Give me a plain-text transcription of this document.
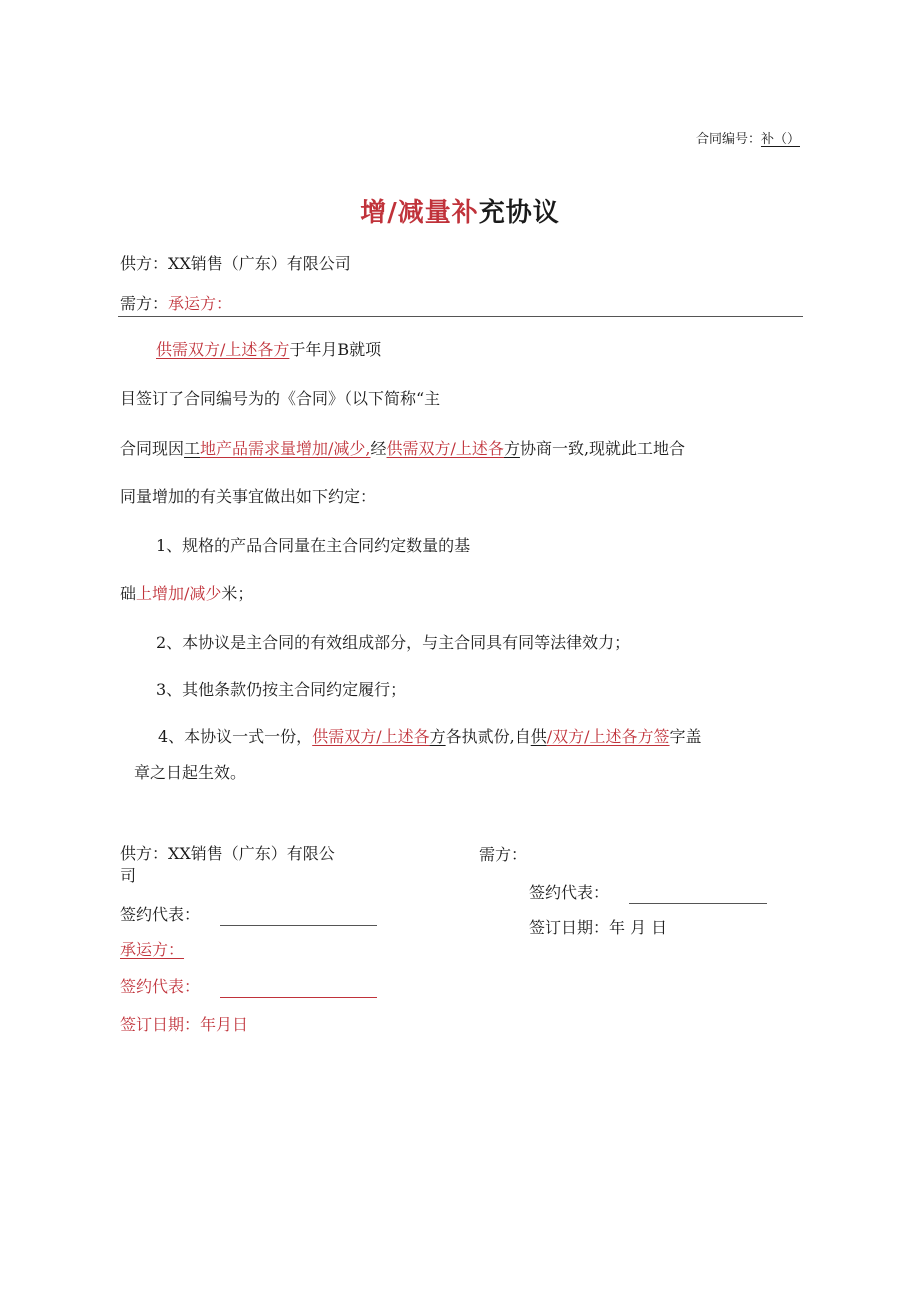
合同编号：补（）
增/减量补充协议
供方：XX销售（广东）有限公司
需方：承运方：
供需双方/上述各方于年月B就项
目签订了合同编号为的《合同》（以下简称“主
合同现因工地产品需求量增加/减少,经供需双方/上述各方协商一致,现就此工地合
同量增加的有关事宜做出如下约定：
1、规格的产品合同量在主合同约定数量的基
础上增加/减少米；
2、本协议是主合同的有效组成部分，与主合同具有同等法律效力；
3、其他条款仍按主合同约定履行；
4、本协议一式一份，供需双方/上述各方各执贰份,自供/双方/上述各方签字盖
章之日起生效。
供方：XX销售（广东）有限公
司
签约代表：
承运方：
签约代表：
签订日期：年月日
需方：
签约代表：
签订日期：年 月 日
